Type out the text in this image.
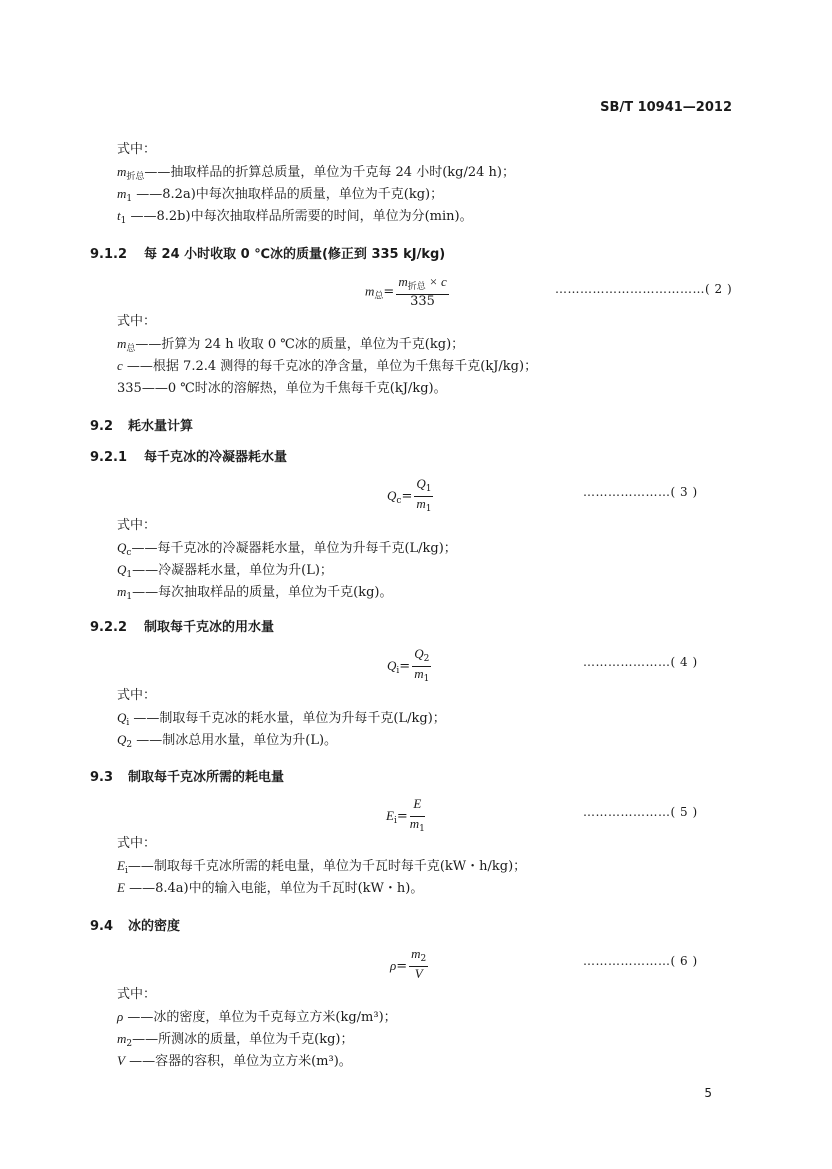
SB/T 10941—2012
式中：
$m_{折总}——$抽取样品的折算总质量，单位为千克每 24 小时(kg/24 h)；
$m_1$ ——8.2a)中每次抽取样品的质量，单位为千克(kg)；
$t_1$ ——8.2b)中每次抽取样品所需要的时间，单位为分(min)。
9.1.2 每 24 小时收取 0 ℃冰的质量(修正到 335 kJ/kg)
$m_总= \frac{m_{折总} \times c}{335}$	………………………………( 2 )
式中：
$m_总——$折算为 24 h 收取 0 ℃冰的质量，单位为千克(kg)；
c ——根据 7.2.4 测得的每千克冰的净含量，单位为千焦每千克(kJ/kg)；
335——0 ℃时冰的溶解热，单位为千焦每千克(kJ/kg)。
9.2 耗水量计算
9.2.1 每千克冰的冷凝器耗水量
$Q_c= \frac{Q_1}{m_1}$	…………………( 3 )
式中：
$Q_c——$每千克冰的冷凝器耗水量，单位为升每千克(L/kg)；
$Q_1——$冷凝器耗水量，单位为升(L)；
$m_1——$每次抽取样品的质量，单位为千克(kg)。
9.2.2 制取每千克冰的用水量
$Q_i= \frac{Q_2}{m_1}$	…………………( 4 )
式中：
$Q_i$ ——制取每千克冰的耗水量，单位为升每千克(L/kg)；
$Q_2$ ——制冰总用水量，单位为升(L)。
9.3 制取每千克冰所需的耗电量
$E_i= \frac{E}{m_1}$	…………………( 5 )
式中：
$E_i——$制取每千克冰所需的耗电量，单位为千瓦时每千克(kW・h/kg)；
E ——8.4a)中的输入电能，单位为千瓦时(kW・h)。
9.4 冰的密度
$\rho= \frac{m_2}{V}$	…………………( 6 )
式中：
ρ ——冰的密度，单位为千克每立方米(kg/m³)；
$m_2——$所测冰的质量，单位为千克(kg)；
V ——容器的容积，单位为立方米(m³)。
5
